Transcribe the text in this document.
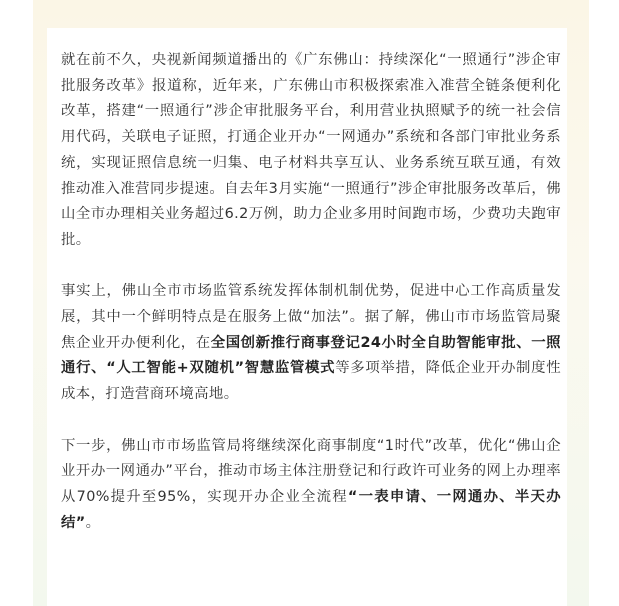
就在前不久，央视新闻频道播出的《广东佛山：持续深化“一照通行”涉企审批服务改革》报道称，近年来，广东佛山市积极探索准入准营全链条便利化改革，搭建“一照通行”涉企审批服务平台，利用营业执照赋予的统一社会信用代码，关联电子证照，打通企业开办“一网通办”系统和各部门审批业务系统，实现证照信息统一归集、电子材料共享互认、业务系统互联互通，有效推动准入准营同步提速。自去年3月实施“一照通行”涉企审批服务改革后，佛山全市办理相关业务超过6.2万例，助力企业多用时间跑市场，少费功夫跑审批。

事实上，佛山全市市场监管系统发挥体制机制优势，促进中心工作高质量发展，其中一个鲜明特点是在服务上做“加法”。据了解，佛山市市场监管局聚焦企业开办便利化，在全国创新推行商事登记24小时全自助智能审批、一照通行、“人工智能+双随机”智慧监管模式等多项举措，降低企业开办制度性成本，打造营商环境高地。

下一步，佛山市市场监管局将继续深化商事制度“1时代”改革，优化“佛山企业开办一网通办”平台，推动市场主体注册登记和行政许可业务的网上办理率从70%提升至95%，实现开办企业全流程“一表申请、一网通办、半天办结”。
